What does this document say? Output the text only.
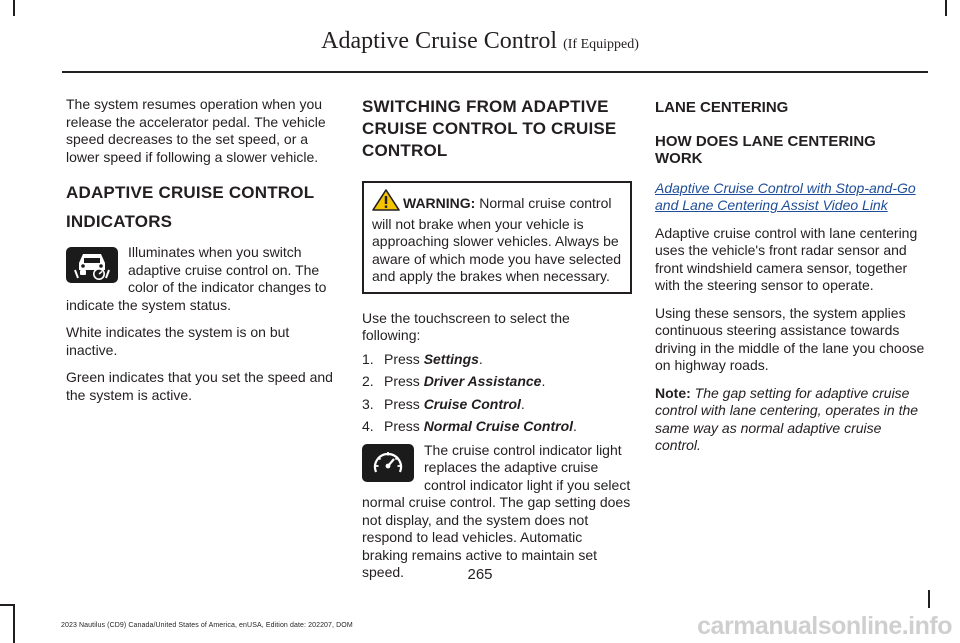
Adaptive Cruise Control (If Equipped)

The system resumes operation when you release the accelerator pedal. The vehicle speed decreases to the set speed, or a lower speed if following a slower vehicle.

ADAPTIVE CRUISE CONTROL
INDICATORS

Illuminates when you switch adaptive cruise control on. The color of the indicator changes to indicate the system status.

White indicates the system is on but inactive.

Green indicates that you set the speed and the system is active.

SWITCHING FROM ADAPTIVE
CRUISE CONTROL TO CRUISE
CONTROL
WARNING: Normal cruise control will not brake when your vehicle is approaching slower vehicles. Always be aware of which mode you have selected and apply the brakes when necessary.

Use the touchscreen to select the following:

1. Press Settings.
2. Press Driver Assistance.
3. Press Cruise Control.
4. Press Normal Cruise Control.

The cruise control indicator light replaces the adaptive cruise control indicator light if you select normal cruise control. The gap setting does not display, and the system does not respond to lead vehicles. Automatic braking remains active to maintain set speed.

LANE CENTERING
HOW DOES LANE CENTERING WORK

Adaptive Cruise Control with Stop-and-Go and Lane Centering Assist Video Link

Adaptive cruise control with lane centering uses the vehicle's front radar sensor and front windshield camera sensor, together with the steering sensor to operate.

Using these sensors, the system applies continuous steering assistance towards driving in the middle of the lane you choose on highway roads.

Note: The gap setting for adaptive cruise control with lane centering, operates in the same way as normal adaptive cruise control.

265
2023 Nautilus (CD9) Canada/United States of America, enUSA, Edition date: 202207, DOM	carmanualsonline.info
